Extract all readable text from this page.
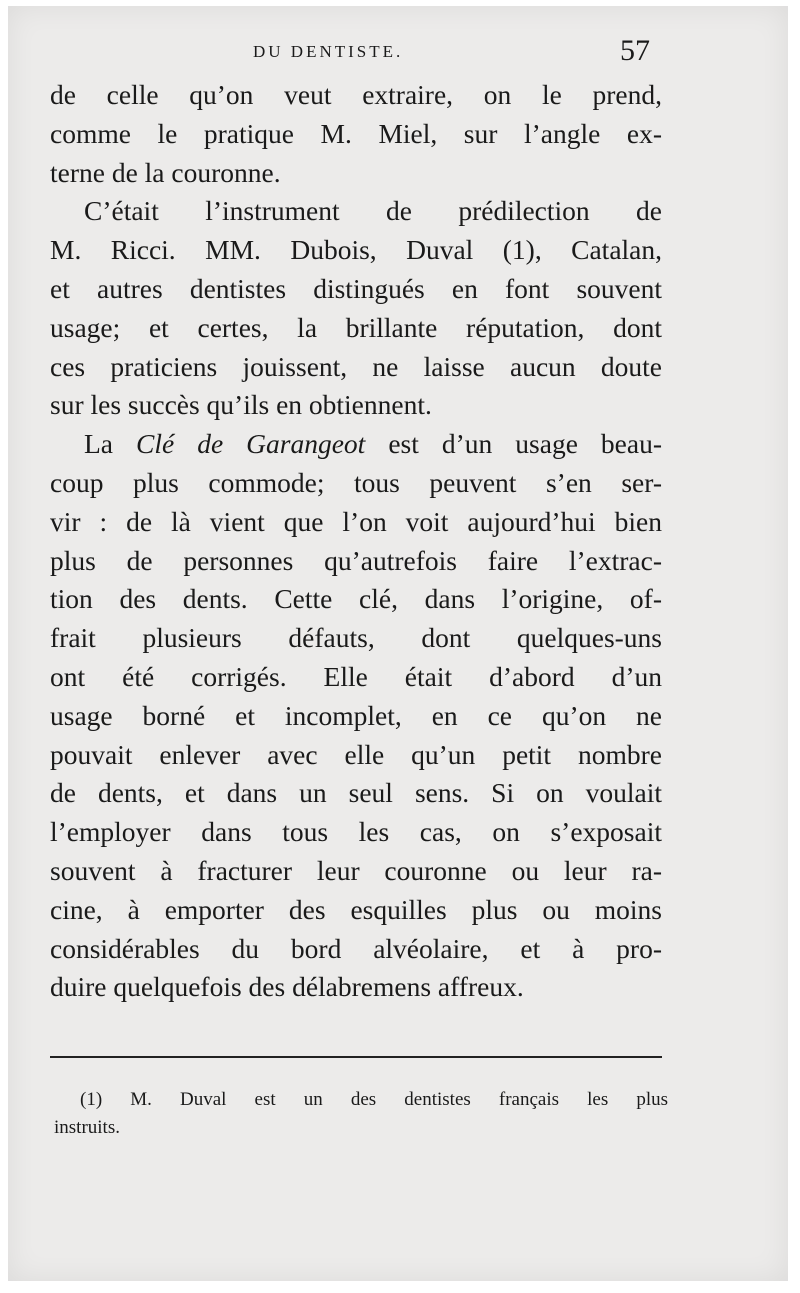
DU DENTISTE.	57
de celle qu’on veut extraire, on le prend,
comme le pratique M. Miel, sur l’angle ex-
terne de la couronne.
C’était l’instrument de prédilection de
M. Ricci. MM. Dubois, Duval (1), Catalan,
et autres dentistes distingués en font souvent
usage; et certes, la brillante réputation, dont
ces praticiens jouissent, ne laisse aucun doute
sur les succès qu’ils en obtiennent.
La Clé de Garangeot est d’un usage beau-
coup plus commode; tous peuvent s’en ser-
vir : de là vient que l’on voit aujourd’hui bien
plus de personnes qu’autrefois faire l’extrac-
tion des dents. Cette clé, dans l’origine, of-
frait plusieurs défauts, dont quelques-uns
ont été corrigés. Elle était d’abord d’un
usage borné et incomplet, en ce qu’on ne
pouvait enlever avec elle qu’un petit nombre
de dents, et dans un seul sens. Si on voulait
l’employer dans tous les cas, on s’exposait
souvent à fracturer leur couronne ou leur ra-
cine, à emporter des esquilles plus ou moins
considérables du bord alvéolaire, et à pro-
duire quelquefois des délabremens affreux.
(1) M. Duval est un des dentistes français les plus
instruits.
